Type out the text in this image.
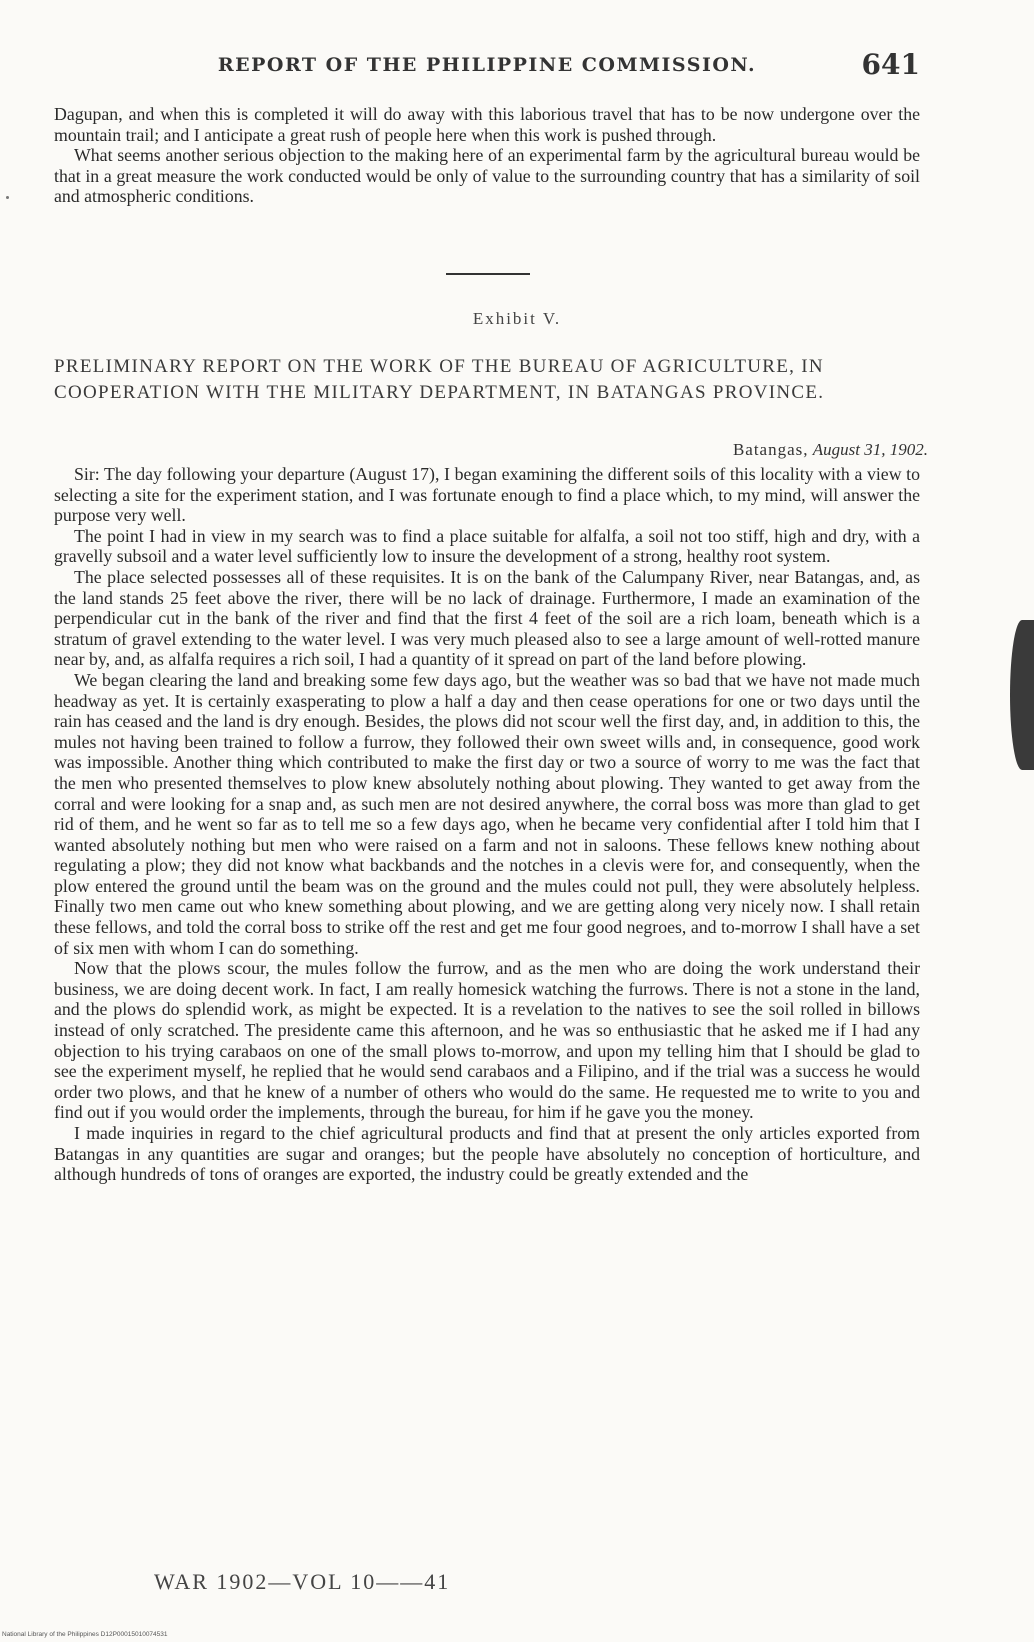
REPORT OF THE PHILIPPINE COMMISSION.	641

Dagupan, and when this is completed it will do away with this laborious travel that has to be now undergone over the mountain trail; and I anticipate a great rush of people here when this work is pushed through.

What seems another serious objection to the making here of an experimental farm by the agricultural bureau would be that in a great measure the work conducted would be only of value to the surrounding country that has a similarity of soil and atmospheric conditions.

Exhibit V.
PRELIMINARY REPORT ON THE WORK OF THE BUREAU OF AGRICULTURE, IN COOPERATION WITH THE MILITARY DEPARTMENT, IN BATANGAS PROVINCE.
Batangas, August 31, 1902.

Sir: The day following your departure (August 17), I began examining the different soils of this locality with a view to selecting a site for the experiment station, and I was fortunate enough to find a place which, to my mind, will answer the purpose very well.

The point I had in view in my search was to find a place suitable for alfalfa, a soil not too stiff, high and dry, with a gravelly subsoil and a water level sufficiently low to insure the development of a strong, healthy root system.

The place selected possesses all of these requisites. It is on the bank of the Calumpany River, near Batangas, and, as the land stands 25 feet above the river, there will be no lack of drainage. Furthermore, I made an examination of the perpendicular cut in the bank of the river and find that the first 4 feet of the soil are a rich loam, beneath which is a stratum of gravel extending to the water level. I was very much pleased also to see a large amount of well-rotted manure near by, and, as alfalfa requires a rich soil, I had a quantity of it spread on part of the land before plowing.

We began clearing the land and breaking some few days ago, but the weather was so bad that we have not made much headway as yet. It is certainly exasperating to plow a half a day and then cease operations for one or two days until the rain has ceased and the land is dry enough. Besides, the plows did not scour well the first day, and, in addition to this, the mules not having been trained to follow a furrow, they followed their own sweet wills and, in consequence, good work was impossible. Another thing which contributed to make the first day or two a source of worry to me was the fact that the men who presented themselves to plow knew absolutely nothing about plowing. They wanted to get away from the corral and were looking for a snap and, as such men are not desired anywhere, the corral boss was more than glad to get rid of them, and he went so far as to tell me so a few days ago, when he became very confidential after I told him that I wanted absolutely nothing but men who were raised on a farm and not in saloons. These fellows knew nothing about regulating a plow; they did not know what backbands and the notches in a clevis were for, and consequently, when the plow entered the ground until the beam was on the ground and the mules could not pull, they were absolutely helpless. Finally two men came out who knew something about plowing, and we are getting along very nicely now. I shall retain these fellows, and told the corral boss to strike off the rest and get me four good negroes, and to-morrow I shall have a set of six men with whom I can do something.

Now that the plows scour, the mules follow the furrow, and as the men who are doing the work understand their business, we are doing decent work. In fact, I am really homesick watching the furrows. There is not a stone in the land, and the plows do splendid work, as might be expected. It is a revelation to the natives to see the soil rolled in billows instead of only scratched. The presidente came this afternoon, and he was so enthusiastic that he asked me if I had any objection to his trying carabaos on one of the small plows to-morrow, and upon my telling him that I should be glad to see the experiment myself, he replied that he would send carabaos and a Filipino, and if the trial was a success he would order two plows, and that he knew of a number of others who would do the same. He requested me to write to you and find out if you would order the implements, through the bureau, for him if he gave you the money.

I made inquiries in regard to the chief agricultural products and find that at present the only articles exported from Batangas in any quantities are sugar and oranges; but the people have absolutely no conception of horticulture, and although hundreds of tons of oranges are exported, the industry could be greatly extended and the

WAR 1902—VOL 10——41
National Library of the Philippines D12P00015010074531
